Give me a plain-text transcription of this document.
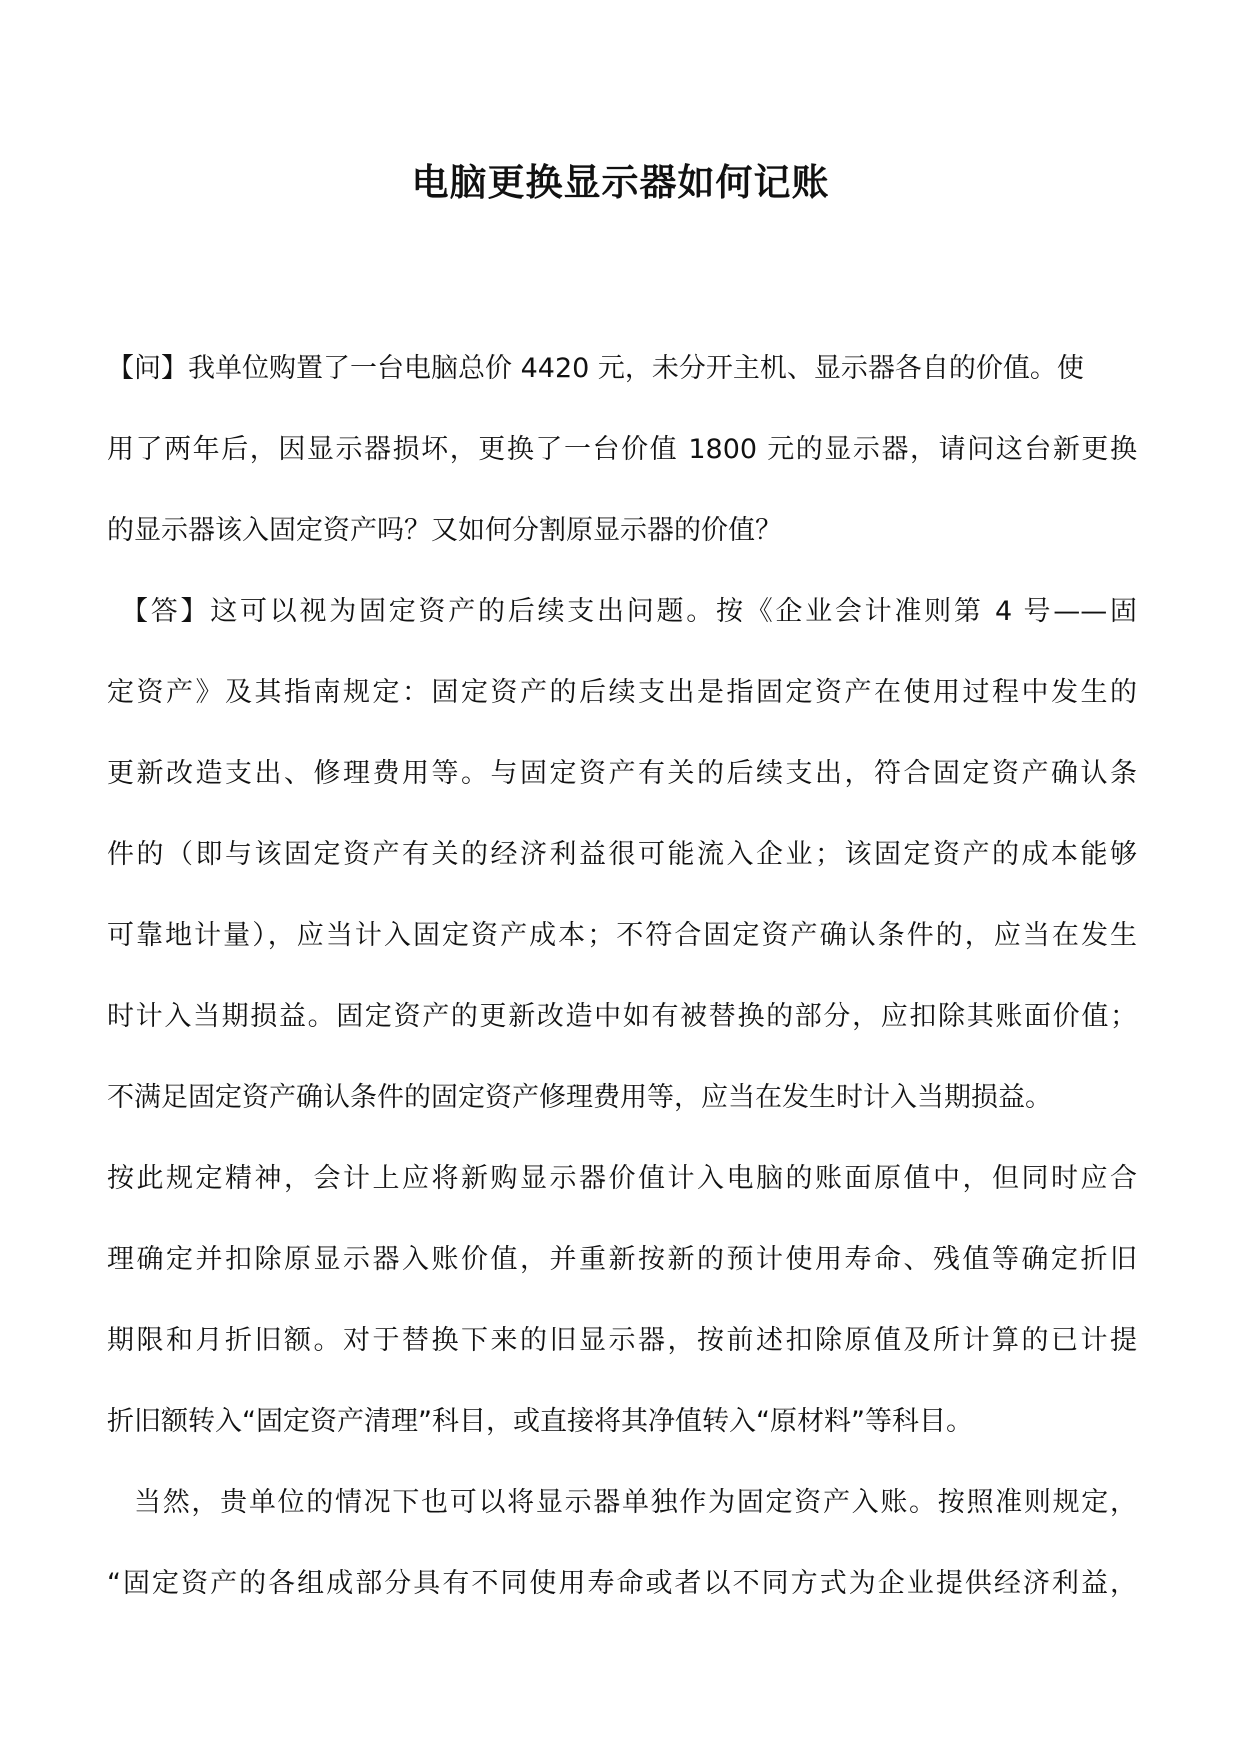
电脑更换显示器如何记账
【问】我单位购置了一台电脑总价 4420 元，未分开主机、显示器各自的价值。使
用了两年后，因显示器损坏，更换了一台价值 1800 元的显示器，请问这台新更换
的显示器该入固定资产吗？又如何分割原显示器的价值？
【答】这可以视为固定资产的后续支出问题。按《企业会计准则第 4 号——固
定资产》及其指南规定：固定资产的后续支出是指固定资产在使用过程中发生的
更新改造支出、修理费用等。与固定资产有关的后续支出，符合固定资产确认条
件的（即与该固定资产有关的经济利益很可能流入企业；该固定资产的成本能够
可靠地计量），应当计入固定资产成本；不符合固定资产确认条件的，应当在发生
时计入当期损益。固定资产的更新改造中如有被替换的部分，应扣除其账面价值；
不满足固定资产确认条件的固定资产修理费用等，应当在发生时计入当期损益。
按此规定精神，会计上应将新购显示器价值计入电脑的账面原值中，但同时应合
理确定并扣除原显示器入账价值，并重新按新的预计使用寿命、残值等确定折旧
期限和月折旧额。对于替换下来的旧显示器，按前述扣除原值及所计算的已计提
折旧额转入“固定资产清理”科目，或直接将其净值转入“原材料”等科目。
当然，贵单位的情况下也可以将显示器单独作为固定资产入账。按照准则规定，
“固定资产的各组成部分具有不同使用寿命或者以不同方式为企业提供经济利益，
